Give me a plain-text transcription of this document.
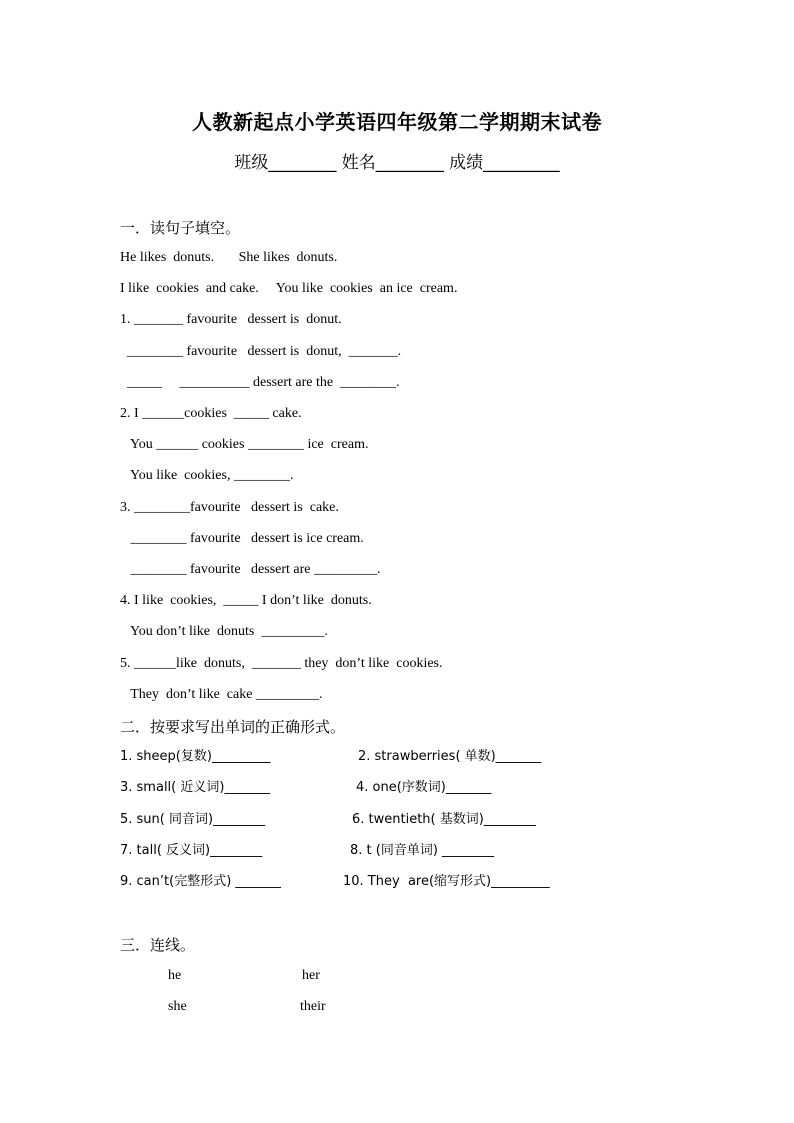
人教新起点小学英语四年级第二学期期末试卷
班级________ 姓名________ 成绩_________
一．读句子填空。
He likes  donuts.       She likes  donuts.
I like  cookies  and cake.     You like  cookies  an ice  cream.
1. _______ favourite   dessert is  donut.
________ favourite   dessert is  donut,  _______.
_____     __________ dessert are the  ________.
2. I ______cookies  _____ cake.
You ______ cookies ________ ice  cream.
You like  cookies, ________.
3. ________favourite   dessert is  cake.
________ favourite   dessert is ice cream.
________ favourite   dessert are _________.
4. I like  cookies,  _____ I don’t like  donuts.
You don’t like  donuts  _________.
5. ______like  donuts,  _______ they  don’t like  cookies.
They  don’t like  cake _________.
二．按要求写出单词的正确形式。
1. sheep(复数)_________	2. strawberries( 单数)_______
3. small( 近义词)_______	4. one(序数词)_______
5. sun( 同音词)________	6. twentieth( 基数词)________
7. tall( 反义词)________	8. t (同音单词) ________
9. can’t(完整形式) _______	10. They  are(缩写形式)_________
三．连线。
he	her
she	their
